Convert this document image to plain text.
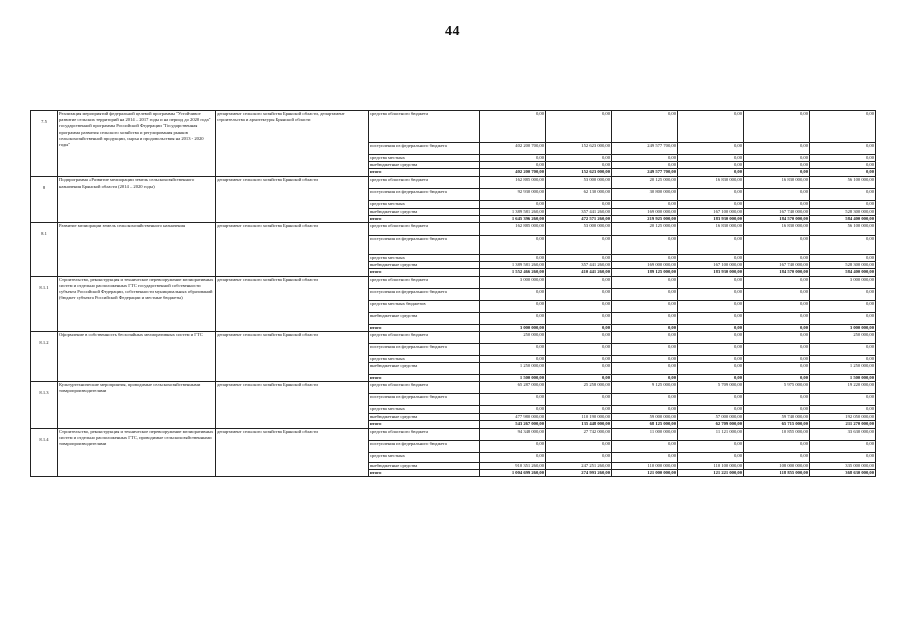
44
7.5	Реализация мероприятий федеральной целевой программы "Устойчивое развитие сельских территорий на 2014 – 2017 годы и на период до 2020 года" государственной программы Российской Федерации "Государственная программа развития сельского хозяйства и регулирования рынков сельскохозяйственной продукции, сырья и продовольствия на 2013 - 2020 годы"	департамент сельского хозяйства Брянской области, департамент строительства и архитектуры Брянской области	средства областного бюджета	0,00	0,00	0,00	0,00	0,00	0,00
			поступления из федерального бюджета	402 200 700,00	152 623 000,00	249 577 700,00	0,00	0,00	0,00
			средства местных	0,00	0,00	0,00	0,00	0,00	0,00
			внебюджетные средства	0,00	0,00	0,00	0,00	0,00	0,00
			итого	402 200 700,00	152 623 000,00	249 577 700,00	0,00	0,00	0,00
8	Подпрограмма «Развитие мелиорации земель сельскохозяйственного назначения Брянской области (2014 – 2020 годы)	департамент сельского хозяйства Брянской области	средства областного бюджета	162 885 000,00	53 000 000,00	20 125 000,00	16 830 000,00	16 830 000,00	56 100 000,00
			поступления из федерального бюджета	92 930 000,00	62 130 000,00	30 800 000,00	0,00	0,00	0,00
			средства местных	0,00	0,00	0,00	0,00	0,00	0,00
			внебюджетные средства	1 389 581 260,00	357 441 260,00	169 000 000,00	167 100 000,00	167 740 000,00	528 300 000,00
			итого	1 645 396 260,00	472 571 260,00	219 925 000,00	183 930 000,00	184 570 000,00	584 400 000,00
8.1	Развитие мелиорации земель сельскохозяйственного назначения	департамент сельского хозяйства Брянской области	средства областного бюджета	162 885 000,00	53 000 000,00	20 125 000,00	16 830 000,00	16 830 000,00	56 100 000,00
			поступления из федерального бюджета	0,00	0,00	0,00	0,00	0,00	0,00
			средства местных	0,00	0,00	0,00	0,00	0,00	0,00
			внебюджетные средства	1 389 581 260,00	357 441 260,00	169 000 000,00	167 100 000,00	167 740 000,00	528 300 000,00
			итого	1 552 466 260,00	410 441 260,00	189 125 000,00	183 930 000,00	184 570 000,00	584 400 000,00
8.1.1	Строительство, реконструкция и техническое перевооружение мелиоративных систем и отдельно расположенных ГТС государственной собственности субъекта Российской Федерации, собственности муниципальных образований (бюджет субъекта Российской Федерации и местные бюджеты)	департамент сельского хозяйства Брянской области	средства областного бюджета	3 000 000,00	0,00	0,00	0,00	0,00	3 000 000,00
			поступления из федерального бюджета	0,00	0,00	0,00	0,00	0,00	0,00
			средства местных бюджетов	0,00	0,00	0,00	0,00	0,00	0,00
			внебюджетные средства	0,00	0,00	0,00	0,00	0,00	0,00
			итого	3 000 000,00	0,00	0,00	0,00	0,00	3 000 000,00
8.1.2	Оформление в собственность бесхозяйных мелиоративных систем и ГТС	департамент сельского хозяйства Брянской области	средства областного бюджета	250 000,00	0,00	0,00	0,00	0,00	250 000,00
			поступления из федерального бюджета	0,00	0,00	0,00	0,00	0,00	0,00
			средства местных	0,00	0,00	0,00	0,00	0,00	0,00
			внебюджетные средства	1 250 000,00	0,00	0,00	0,00	0,00	1 250 000,00
			итого	1 500 000,00	0,00	0,00	0,00	0,00	1 500 000,00
8.1.3	Культуртехнические мероприятия, проводимые сельскохозяйственными товаропроизводителями	департамент сельского хозяйства Брянской области	средства областного бюджета	65 287 000,00	25 258 000,00	9 125 000,00	5 709 000,00	5 975 000,00	19 220 000,00
			поступления из федерального бюджета	0,00	0,00	0,00	0,00	0,00	0,00
			средства местных	0,00	0,00	0,00	0,00	0,00	0,00
			внебюджетные средства	477 980 000,00	110 190 000,00	59 000 000,00	57 000 000,00	59 740 000,00	192 050 000,00
			итого	543 267 000,00	135 448 000,00	68 125 000,00	62 709 000,00	65 715 000,00	211 270 000,00
8.1.4	Строительство, реконструкция и техническое перевооружение мелиоративных систем и отдельно расположенных ГТС, проводимые сельскохозяйственными товаропроизводителями	департамент сельского хозяйства Брянской области	средства областного бюджета	94 348 000,00	27 742 000,00	11 000 000,00	11 121 000,00	10 855 000,00	33 630 000,00
			поступления из федерального бюджета	0,00	0,00	0,00	0,00	0,00	0,00
			средства местных	0,00	0,00	0,00	0,00	0,00	0,00
			внебюджетные средства	910 351 260,00	247 251 260,00	110 000 000,00	110 100 000,00	108 000 000,00	335 000 000,00
			итого	1 004 699 260,00	274 993 260,00	121 000 000,00	121 221 000,00	118 855 000,00	368 630 000,00
